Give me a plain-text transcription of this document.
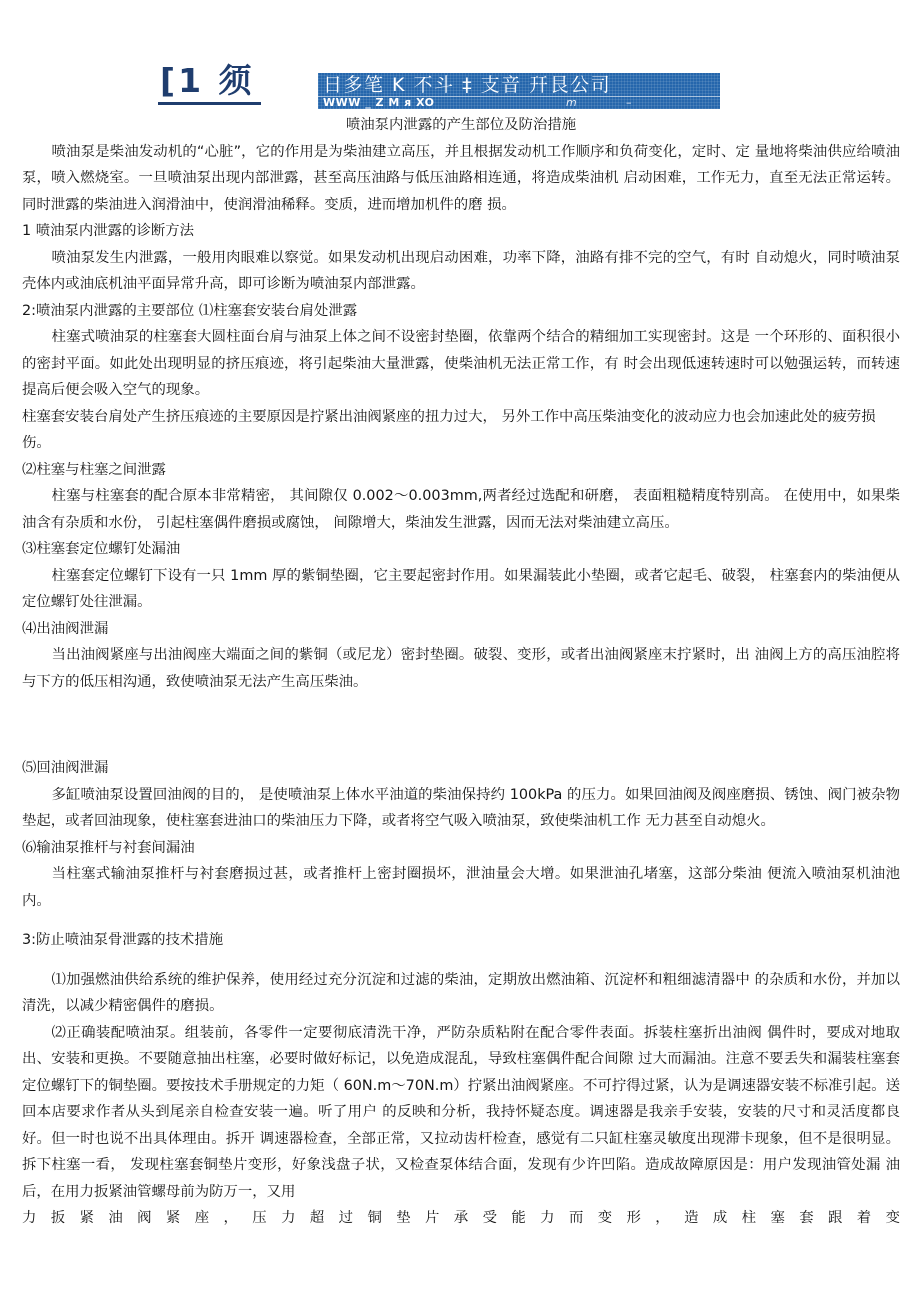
[1 须	日多笔 K 不斗 ‡ 支音 幵艮公司
WWW _ Z M ᴙ XO	m	–

喷油泵内泄露的产生部位及防治措施

喷油泵是柴油发动机的“心脏”，它的作用是为柴油建立高压，并且根据发动机工作顺序和负荷变化，定时、定 量地将柴油供应给喷油泵，喷入燃烧室。一旦喷油泵出现内部泄露，甚至高压油路与低压油路相连通，将造成柴油机 启动困难，工作无力，直至无法正常运转。同时泄露的柴油进入润滑油中，使润滑油稀释。变质，进而增加机件的磨 损。

1 喷油泵内泄露的诊断方法

喷油泵发生内泄露，一般用肉眼难以察觉。如果发动机出现启动困难，功率下降，油路有排不完的空气，有时 自动熄火，同时喷油泵壳体内或油底机油平面异常升高，即可诊断为喷油泵内部泄露。

2:喷油泵内泄露的主要部位 ⑴柱塞套安装台肩处泄露

柱塞式喷油泵的柱塞套大圆柱面台肩与油泵上体之间不设密封垫圈，依靠两个结合的精细加工实现密封。这是 一个环形的、面积很小的密封平面。如此处出现明显的挤压痕迹，将引起柴油大量泄露，使柴油机无法正常工作，有 时会出现低速转速时可以勉强运转，而转速提高后便会吸入空气的现象。

柱塞套安装台肩处产生挤压痕迹的主要原因是拧紧出油阀紧座的扭力过大， 另外工作中高压柴油变化的波动应力也会加速此处的疲劳损伤。

⑵柱塞与柱塞之间泄露

柱塞与柱塞套的配合原本非常精密， 其间隙仅 0.002～0.003mm,两者经过选配和研磨， 表面粗糙精度特别高。 在使用中，如果柴油含有杂质和水份， 引起柱塞偶件磨损或腐蚀， 间隙增大，柴油发生泄露，因而无法对柴油建立高压。

⑶柱塞套定位螺钉处漏油

柱塞套定位螺钉下设有一只 1mm 厚的紫铜垫圈，它主要起密封作用。如果漏装此小垫圈，或者它起毛、破裂， 柱塞套内的柴油便从定位螺钉处往泄漏。

⑷出油阀泄漏

当出油阀紧座与出油阀座大端面之间的紫铜（或尼龙）密封垫圈。破裂、变形，或者出油阀紧座末拧紧时，出 油阀上方的高压油腔将与下方的低压相沟通，致使喷油泵无法产生高压柴油。

⑸回油阀泄漏

多缸喷油泵设置回油阀的目的， 是使喷油泵上体水平油道的柴油保持约 100kPa 的压力。如果回油阀及阀座磨损、锈蚀、阀门被杂物垫起，或者回油现象，使柱塞套进油口的柴油压力下降，或者将空气吸入喷油泵，致使柴油机工作 无力甚至自动熄火。

⑹输油泵推杆与衬套间漏油

当柱塞式输油泵推杆与衬套磨损过甚，或者推杆上密封圈损坏，泄油量会大增。如果泄油孔堵塞，这部分柴油 便流入喷油泵机油池内。

3:防止喷油泵骨泄露的技术措施

⑴加强燃油供给系统的维护保养，使用经过充分沉淀和过滤的柴油，定期放出燃油箱、沉淀杯和粗细滤清器中 的杂质和水份，并加以清洗，以减少精密偶件的磨损。

⑵正确装配喷油泵。组装前，各零件一定要彻底清洗干净，严防杂质粘附在配合零件表面。拆装柱塞折出油阀 偶件时，要成对地取出、安装和更换。不要随意抽出柱塞，必要时做好标记，以免造成混乱，导致柱塞偶件配合间隙 过大而漏油。注意不要丢失和漏装柱塞套定位螺钉下的铜垫圈。要按技术手册规定的力矩（ 60N.m～70N.m）拧紧出油阀紧座。不可拧得过紧，认为是调速器安装不标准引起。送回本店要求作者从头到尾亲自检查安装一遍。听了用户 的反映和分析，我持怀疑态度。调速器是我亲手安装，安装的尺寸和灵活度都良好。但一时也说不出具体理由。拆开 调速器检查，全部正常，又拉动齿杆检查，感觉有二只缸柱塞灵敏度出现滞卡现象，但不是很明显。拆下柱塞一看， 发现柱塞套铜垫片变形，好象浅盘子状，又检查泵体结合面，发现有少许凹陷。造成故障原因是：用户发现油管处漏 油后，在用力扳紧油管螺母前为防万一，又用

力扳紧油阀紧座，压力超过铜垫片承受能力而变形，造成柱塞套跟着变
